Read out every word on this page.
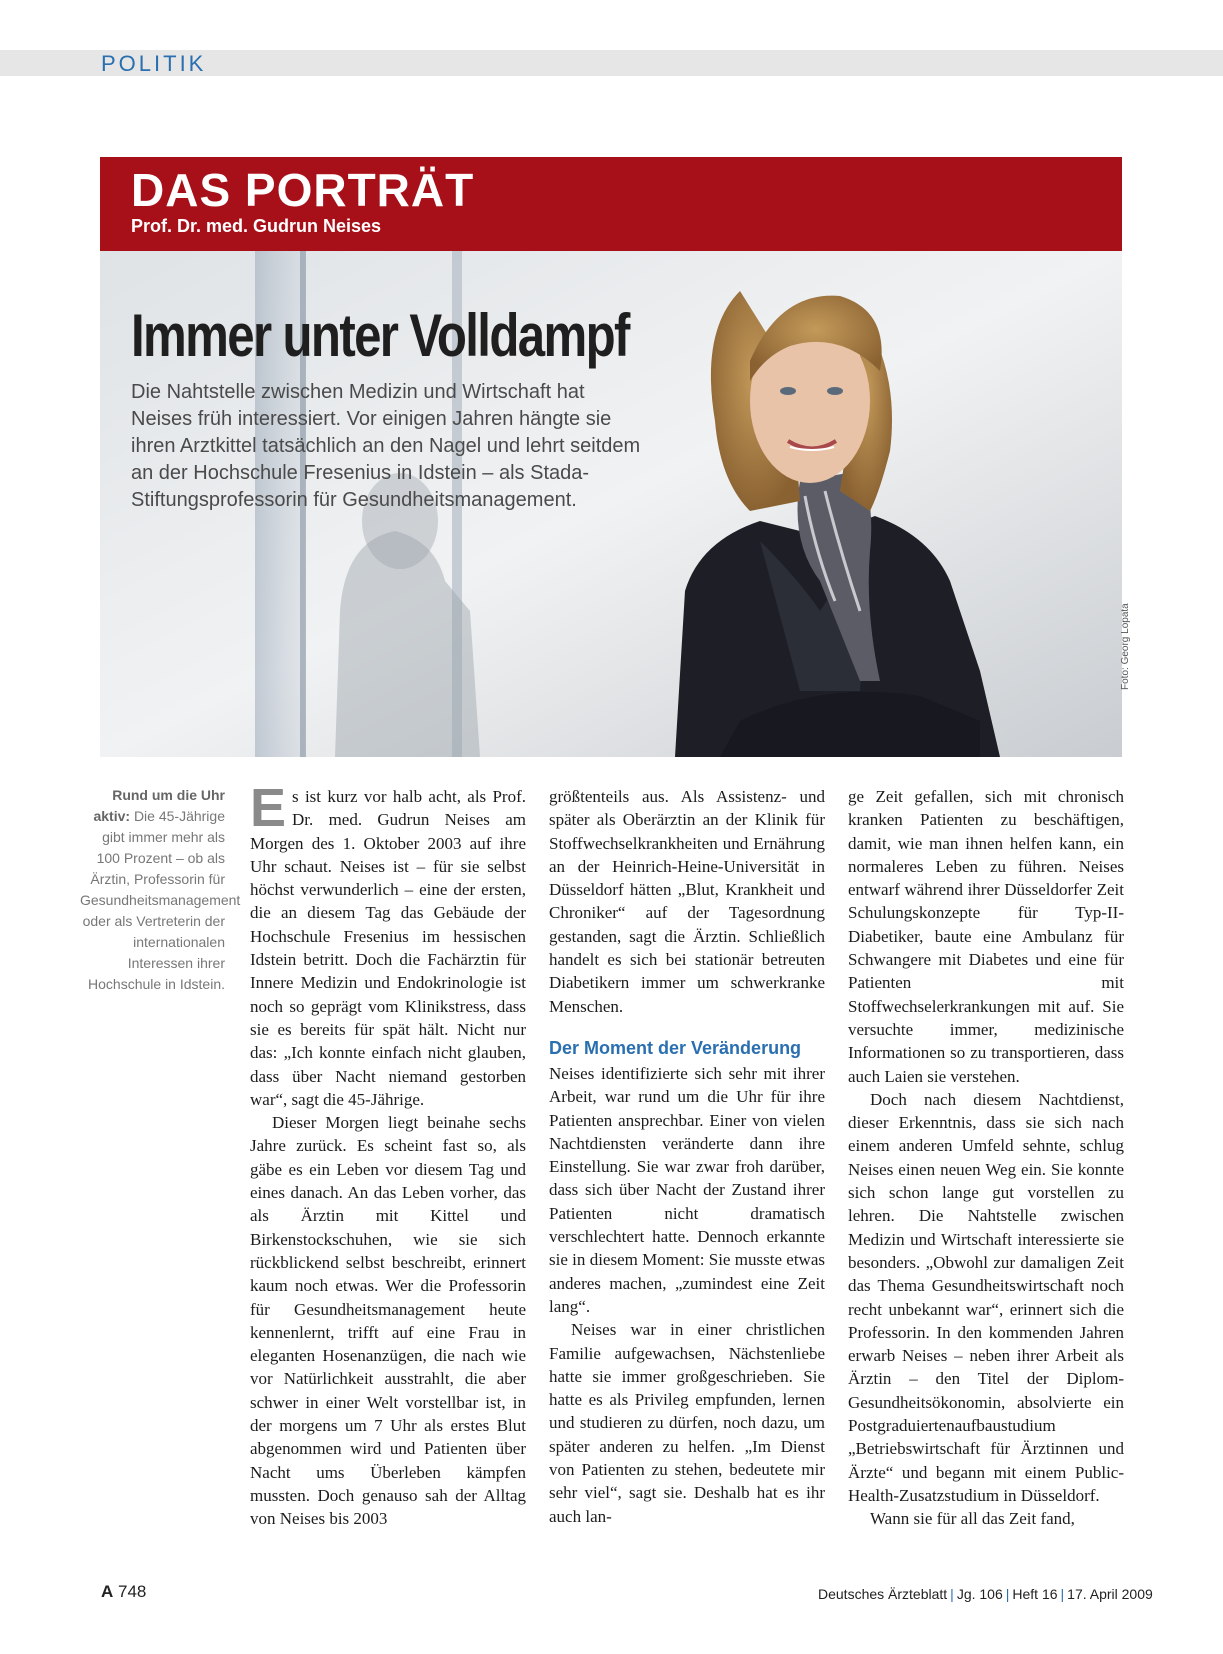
POLITIK
DAS PORTRÄT
Prof. Dr. med. Gudrun Neises
Immer unter Volldampf
Die Nahtstelle zwischen Medizin und Wirtschaft hat Neises früh interessiert. Vor einigen Jahren hängte sie ihren Arztkittel tatsächlich an den Nagel und lehrt seitdem an der Hochschule Fresenius in Idstein – als Stada-Stiftungsprofessorin für Gesundheitsmanagement.
Foto: Georg Lopata
Rund um die Uhr aktiv: Die 45-Jährige gibt immer mehr als 100 Prozent – ob als Ärztin, Professorin für Gesundheitsmanagement oder als Vertreterin der internationalen Interessen ihrer Hochschule in Idstein.

Es ist kurz vor halb acht, als Prof. Dr. med. Gudrun Neises am Morgen des 1. Oktober 2003 auf ihre Uhr schaut. Neises ist – für sie selbst höchst verwunderlich – eine der ersten, die an diesem Tag das Gebäude der Hochschule Fresenius im hessischen Idstein betritt. Doch die Fachärztin für Innere Medizin und Endokrinologie ist noch so geprägt vom Klinikstress, dass sie es bereits für spät hält. Nicht nur das: „Ich konnte einfach nicht glauben, dass über Nacht niemand gestorben war“, sagt die 45-Jährige.

Dieser Morgen liegt beinahe sechs Jahre zurück. Es scheint fast so, als gäbe es ein Leben vor diesem Tag und eines danach. An das Leben vorher, das als Ärztin mit Kittel und Birkenstockschuhen, wie sie sich rückblickend selbst beschreibt, erinnert kaum noch etwas. Wer die Professorin für Gesundheitsmanagement heute kennenlernt, trifft auf eine Frau in eleganten Hosenanzügen, die nach wie vor Natürlichkeit ausstrahlt, die aber schwer in einer Welt vorstellbar ist, in der morgens um 7 Uhr als erstes Blut abgenommen wird und Patienten über Nacht ums Überleben kämpfen mussten. Doch genauso sah der Alltag von Neises bis 2003

größtenteils aus. Als Assistenz- und später als Oberärztin an der Klinik für Stoffwechselkrankheiten und Ernährung an der Heinrich-Heine-Universität in Düsseldorf hätten „Blut, Krankheit und Chroniker“ auf der Tagesordnung gestanden, sagt die Ärztin. Schließlich handelt es sich bei stationär betreuten Diabetikern immer um schwerkranke Menschen.

Der Moment der Veränderung

Neises identifizierte sich sehr mit ihrer Arbeit, war rund um die Uhr für ihre Patienten ansprechbar. Einer von vielen Nachtdiensten veränderte dann ihre Einstellung. Sie war zwar froh darüber, dass sich über Nacht der Zustand ihrer Patienten nicht dramatisch verschlechtert hatte. Dennoch erkannte sie in diesem Moment: Sie musste etwas anderes machen, „zumindest eine Zeit lang“.

Neises war in einer christlichen Familie aufgewachsen, Nächstenliebe hatte sie immer großgeschrieben. Sie hatte es als Privileg empfunden, lernen und studieren zu dürfen, noch dazu, um später anderen zu helfen. „Im Dienst von Patienten zu stehen, bedeutete mir sehr viel“, sagt sie. Deshalb hat es ihr auch lan-

ge Zeit gefallen, sich mit chronisch kranken Patienten zu beschäftigen, damit, wie man ihnen helfen kann, ein normaleres Leben zu führen. Neises entwarf während ihrer Düsseldorfer Zeit Schulungskonzepte für Typ-II-Diabetiker, baute eine Ambulanz für Schwangere mit Diabetes und eine für Patienten mit Stoffwechselerkrankungen mit auf. Sie versuchte immer, medizinische Informationen so zu transportieren, dass auch Laien sie verstehen.

Doch nach diesem Nachtdienst, dieser Erkenntnis, dass sie sich nach einem anderen Umfeld sehnte, schlug Neises einen neuen Weg ein. Sie konnte sich schon lange gut vorstellen zu lehren. Die Nahtstelle zwischen Medizin und Wirtschaft interessierte sie besonders. „Obwohl zur damaligen Zeit das Thema Gesundheitswirtschaft noch recht unbekannt war“, erinnert sich die Professorin. In den kommenden Jahren erwarb Neises – neben ihrer Arbeit als Ärztin – den Titel der Diplom-Gesundheitsökonomin, absolvierte ein Postgraduiertenaufbaustudium „Betriebswirtschaft für Ärztinnen und Ärzte“ und begann mit einem Public-Health-Zusatzstudium in Düsseldorf.

Wann sie für all das Zeit fand,

A 748	Deutsches Ärzteblatt | Jg. 106 | Heft 16 | 17. April 2009
